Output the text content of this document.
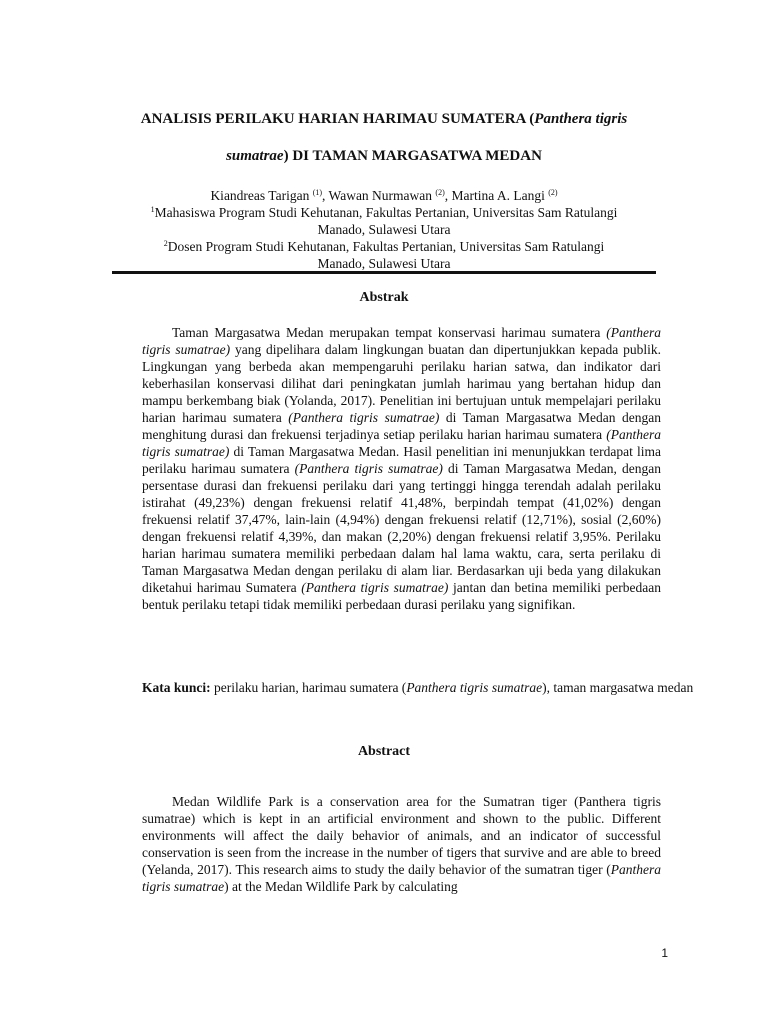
ANALISIS PERILAKU HARIAN HARIMAU SUMATERA (Panthera tigris
sumatrae) DI TAMAN MARGASATWA MEDAN
Kiandreas Tarigan $^{(1)}$, Wawan Nurmawan $^{(2)}$, Martina A. Langi $^{(2)}$
$^1$Mahasiswa Program Studi Kehutanan, Fakultas Pertanian, Universitas Sam Ratulangi
Manado, Sulawesi Utara
$^2$Dosen Program Studi Kehutanan, Fakultas Pertanian, Universitas Sam Ratulangi
Manado, Sulawesi Utara
Abstrak

Taman Margasatwa Medan merupakan tempat konservasi harimau sumatera (Panthera tigris sumatrae) yang dipelihara dalam lingkungan buatan dan dipertunjukkan kepada publik. Lingkungan yang berbeda akan mempengaruhi perilaku harian satwa, dan indikator dari keberhasilan konservasi dilihat dari peningkatan jumlah harimau yang bertahan hidup dan mampu berkembang biak (Yolanda, 2017). Penelitian ini bertujuan untuk mempelajari perilaku harian harimau sumatera (Panthera tigris sumatrae) di Taman Margasatwa Medan dengan menghitung durasi dan frekuensi terjadinya setiap perilaku harian harimau sumatera (Panthera tigris sumatrae) di Taman Margasatwa Medan. Hasil penelitian ini menunjukkan terdapat lima perilaku harimau sumatera (Panthera tigris sumatrae) di Taman Margasatwa Medan, dengan persentase durasi dan frekuensi perilaku dari yang tertinggi hingga terendah adalah perilaku istirahat (49,23%) dengan frekuensi relatif 41,48%, berpindah tempat (41,02%) dengan frekuensi relatif 37,47%, lain-lain (4,94%) dengan frekuensi relatif (12,71%), sosial (2,60%) dengan frekuensi relatif 4,39%, dan makan (2,20%) dengan frekuensi relatif 3,95%. Perilaku harian harimau sumatera memiliki perbedaan dalam hal lama waktu, cara, serta perilaku di Taman Margasatwa Medan dengan perilaku di alam liar. Berdasarkan uji beda yang dilakukan diketahui harimau Sumatera (Panthera tigris sumatrae) jantan dan betina memiliki perbedaan bentuk perilaku tetapi tidak memiliki perbedaan durasi perilaku yang signifikan.

Kata kunci: perilaku harian, harimau sumatera (Panthera tigris sumatrae), taman margasatwa medan
Abstract

Medan Wildlife Park is a conservation area for the Sumatran tiger (Panthera tigris sumatrae) which is kept in an artificial environment and shown to the public. Different environments will affect the daily behavior of animals, and an indicator of successful conservation is seen from the increase in the number of tigers that survive and are able to breed (Yelanda, 2017). This research aims to study the daily behavior of the sumatran tiger (Panthera tigris sumatrae) at the Medan Wildlife Park by calculating

1
